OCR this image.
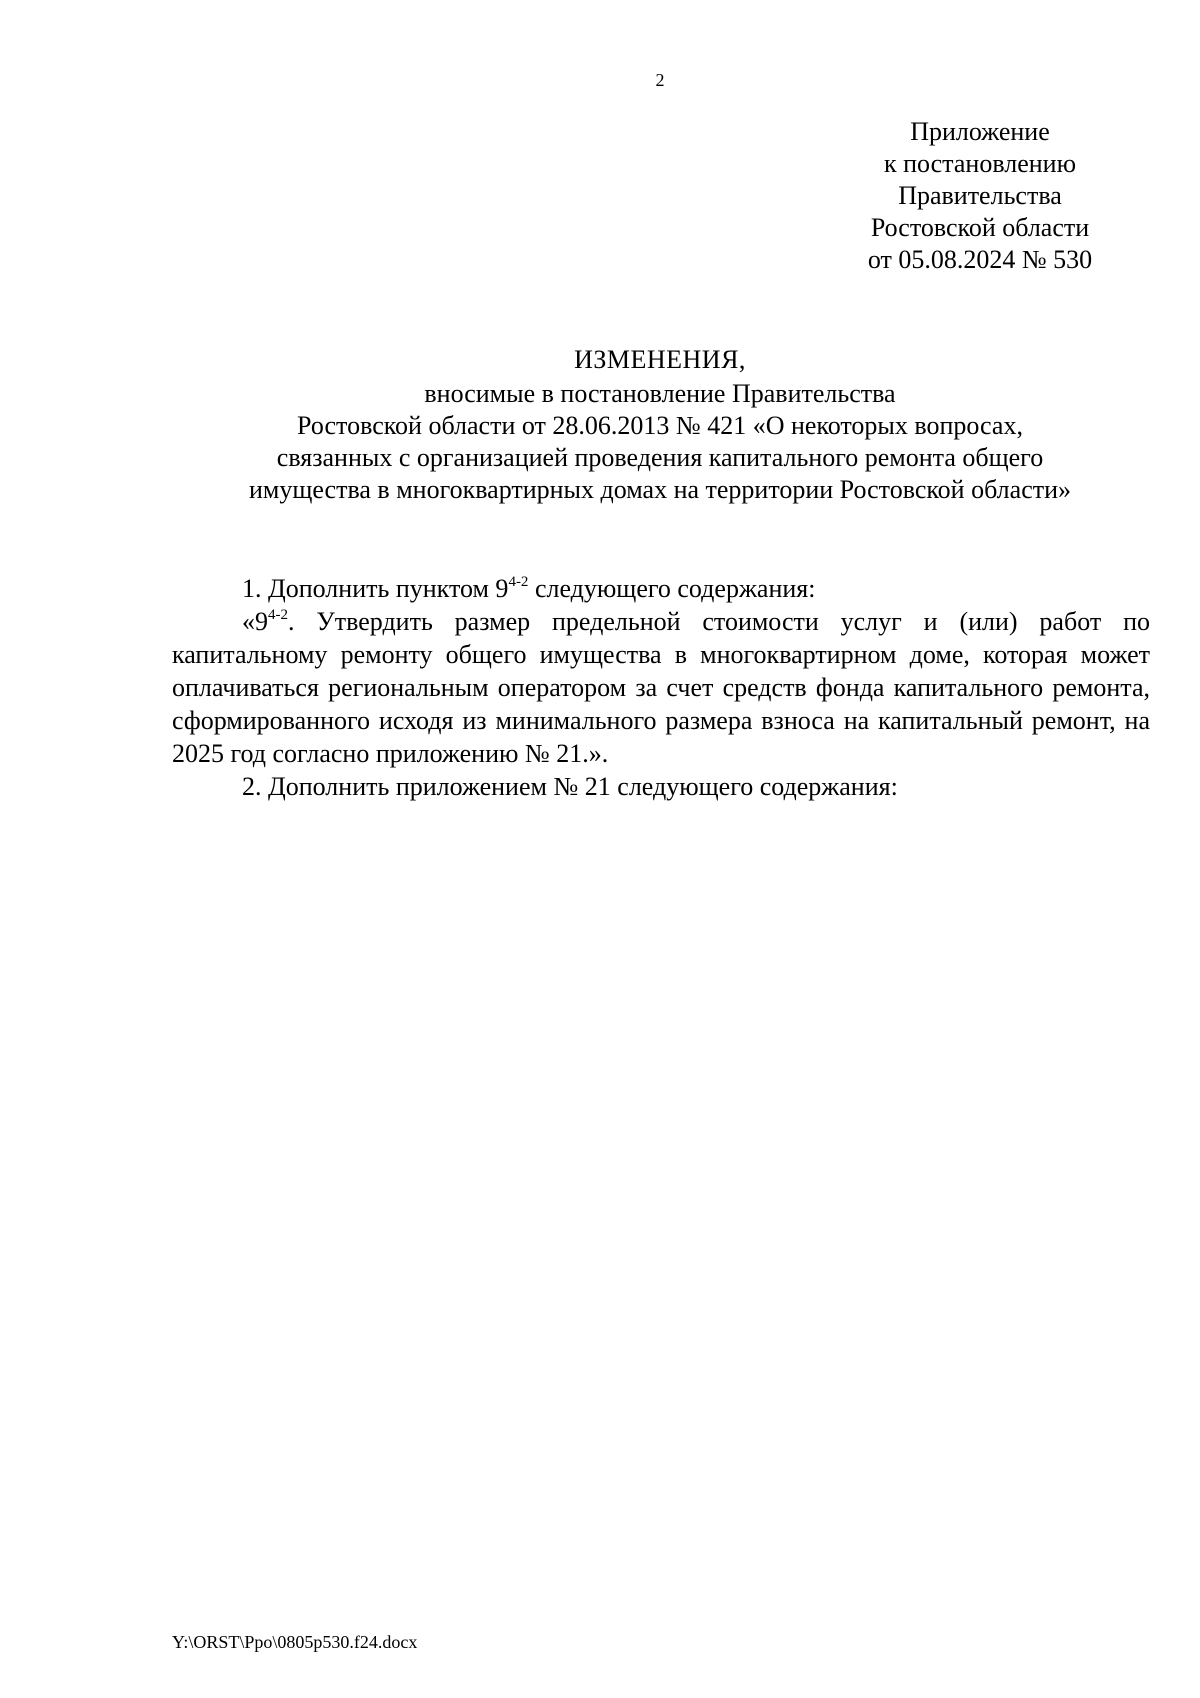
2
Приложение
к постановлению
Правительства
Ростовской области
от 05.08.2024 № 530
ИЗМЕНЕНИЯ,
вносимые в постановление Правительства
Ростовской области от 28.06.2013 № 421 «О некоторых вопросах,
связанных с организацией проведения капитального ремонта общего
имущества в многоквартирных домах на территории Ростовской области»

1. Дополнить пунктом 9$^{4-2}$ следующего содержания:

«9$^{4-2}$. Утвердить размер предельной стоимости услуг и (или) работ по капитальному ремонту общего имущества в многоквартирном доме, которая может оплачиваться региональным оператором за счет средств фонда капитального ремонта, сформированного исходя из минимального размера взноса на капитальный ремонт, на 2025 год согласно приложению № 21.».

2. Дополнить приложением № 21 следующего содержания:

Y:\ORST\Ppo\0805p530.f24.docx
